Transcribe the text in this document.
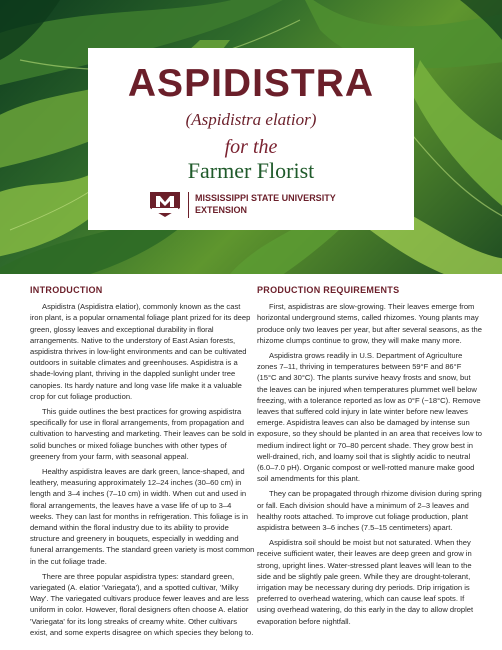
ASPIDISTRA
(Aspidistra elatior)
for the
Farmer Florist
MISSISSIPPI STATE UNIVERSITY
EXTENSION
INTRODUCTION

Aspidistra (Aspidistra elatior), commonly known as the cast iron plant, is a popular ornamental foliage plant prized for its deep green, glossy leaves and exceptional durability in floral arrangements. Native to the understory of East Asian forests, aspidistra thrives in low-light environments and can be cultivated outdoors in suitable climates and greenhouses. Aspidistra is a shade-loving plant, thriving in the dappled sunlight under tree canopies. Its hardy nature and long vase life make it a valuable crop for cut foliage production.

This guide outlines the best practices for growing aspidistra specifically for use in floral arrangements, from propagation and cultivation to harvesting and marketing. Their leaves can be sold in solid bunches or mixed foliage bunches with other types of greenery from your farm, with seasonal appeal.

Healthy aspidistra leaves are dark green, lance-shaped, and leathery, measuring approximately 12–24 inches (30–60 cm) in length and 3–4 inches (7–10 cm) in width. When cut and used in floral arrangements, the leaves have a vase life of up to 3–4 weeks. They can last for months in refrigeration. This foliage is in demand within the floral industry due to its ability to provide structure and greenery in bouquets, especially in wedding and funeral arrangements. The standard green variety is most common in the cut foliage trade.

There are three popular aspidistra types: standard green, variegated (A. elatior 'Variegata'), and a spotted cultivar, 'Milky Way'. The variegated cultivars produce fewer leaves and are less uniform in color. However, floral designers often choose A. elatior 'Variegata' for its long streaks of creamy white. Other cultivars exist, and some experts disagree on which species they belong to.

PRODUCTION REQUIREMENTS

First, aspidistras are slow-growing. Their leaves emerge from horizontal underground stems, called rhizomes. Young plants may produce only two leaves per year, but after several seasons, as the rhizome clumps continue to grow, they will make many more.

Aspidistra grows readily in U.S. Department of Agriculture zones 7–11, thriving in temperatures between 59°F and 86°F (15°C and 30°C). The plants survive heavy frosts and snow, but the leaves can be injured when temperatures plummet well below freezing, with a tolerance reported as low as 0°F (−18°C). Remove leaves that suffered cold injury in late winter before new leaves emerge. Aspidistra leaves can also be damaged by intense sun exposure, so they should be planted in an area that receives low to medium indirect light or 70–80 percent shade. They grow best in well-drained, rich, and loamy soil that is slightly acidic to neutral (6.0–7.0 pH). Organic compost or well-rotted manure make good soil amendments for this plant.

They can be propagated through rhizome division during spring or fall. Each division should have a minimum of 2–3 leaves and healthy roots attached. To improve cut foliage production, plant aspidistra between 3–6 inches (7.5–15 centimeters) apart.

Aspidistra soil should be moist but not saturated. When they receive sufficient water, their leaves are deep green and grow in strong, upright lines. Water-stressed plant leaves will lean to the side and be slightly pale green. While they are drought-tolerant, irrigation may be necessary during dry periods. Drip irrigation is preferred to overhead watering, which can cause leaf spots. If using overhead watering, do this early in the day to allow droplet evaporation before nightfall.
